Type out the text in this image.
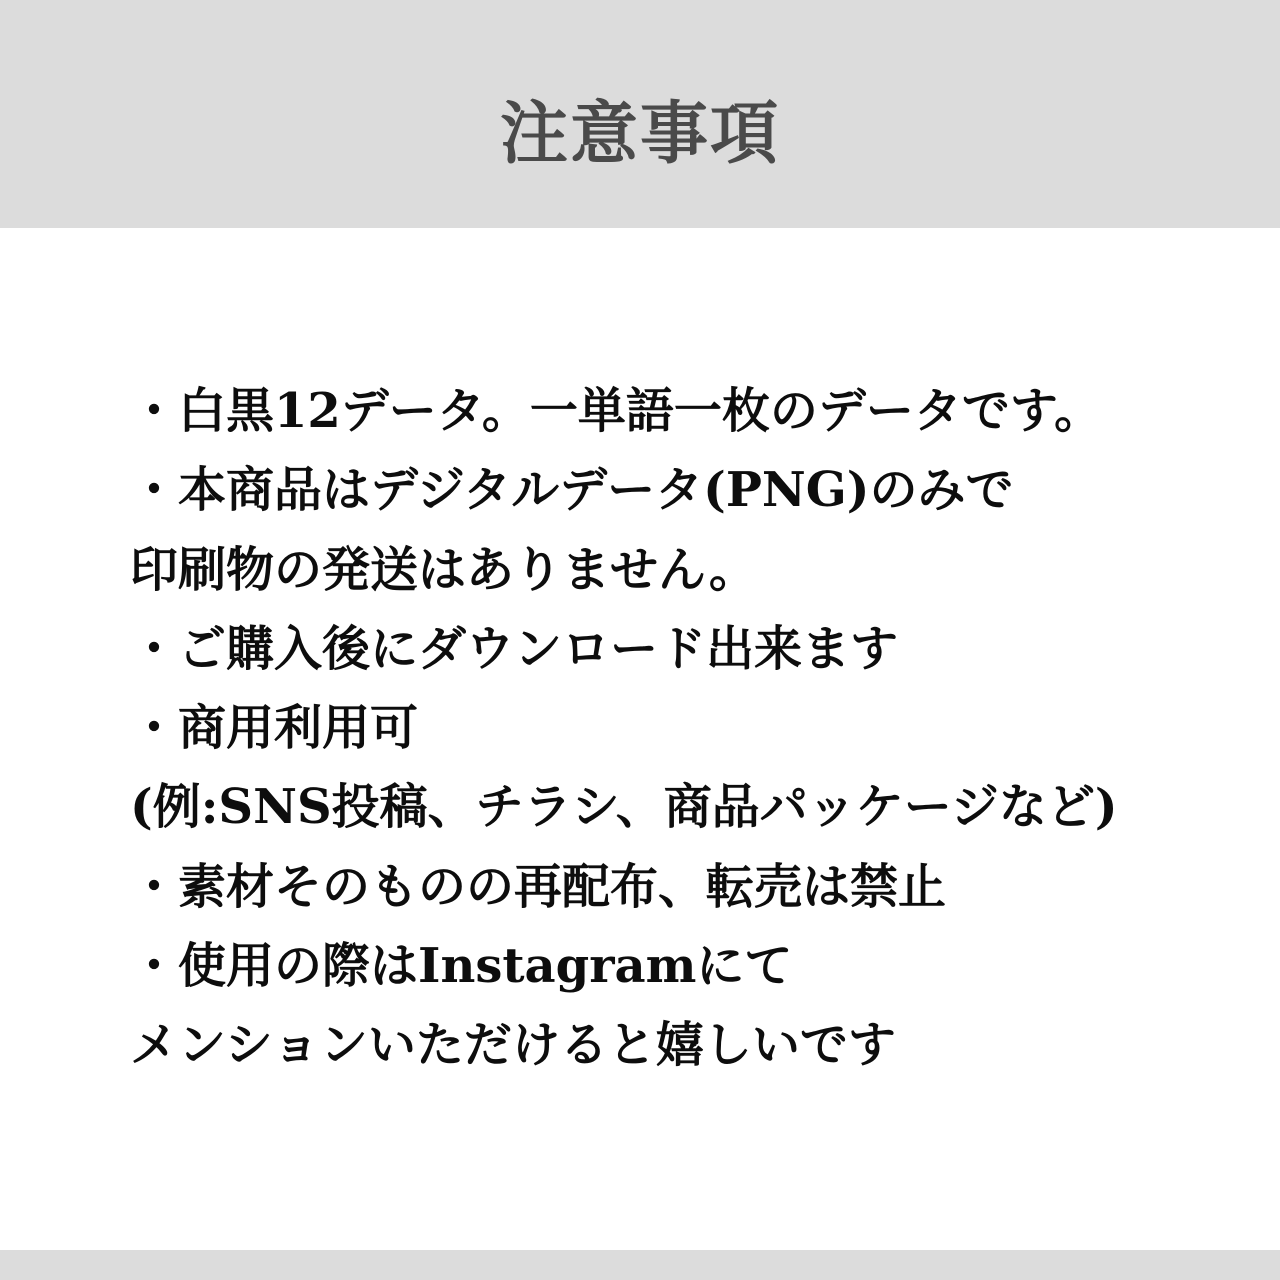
注意事項
・白黒12データ。一単語一枚のデータです。
・本商品はデジタルデータ(PNG)のみで
印刷物の発送はありません。
・ご購入後にダウンロード出来ます
・商用利用可
(例:SNS投稿、チラシ、商品パッケージなど)
・素材そのものの再配布、転売は禁止
・使用の際はInstagramにて
メンションいただけると嬉しいです
